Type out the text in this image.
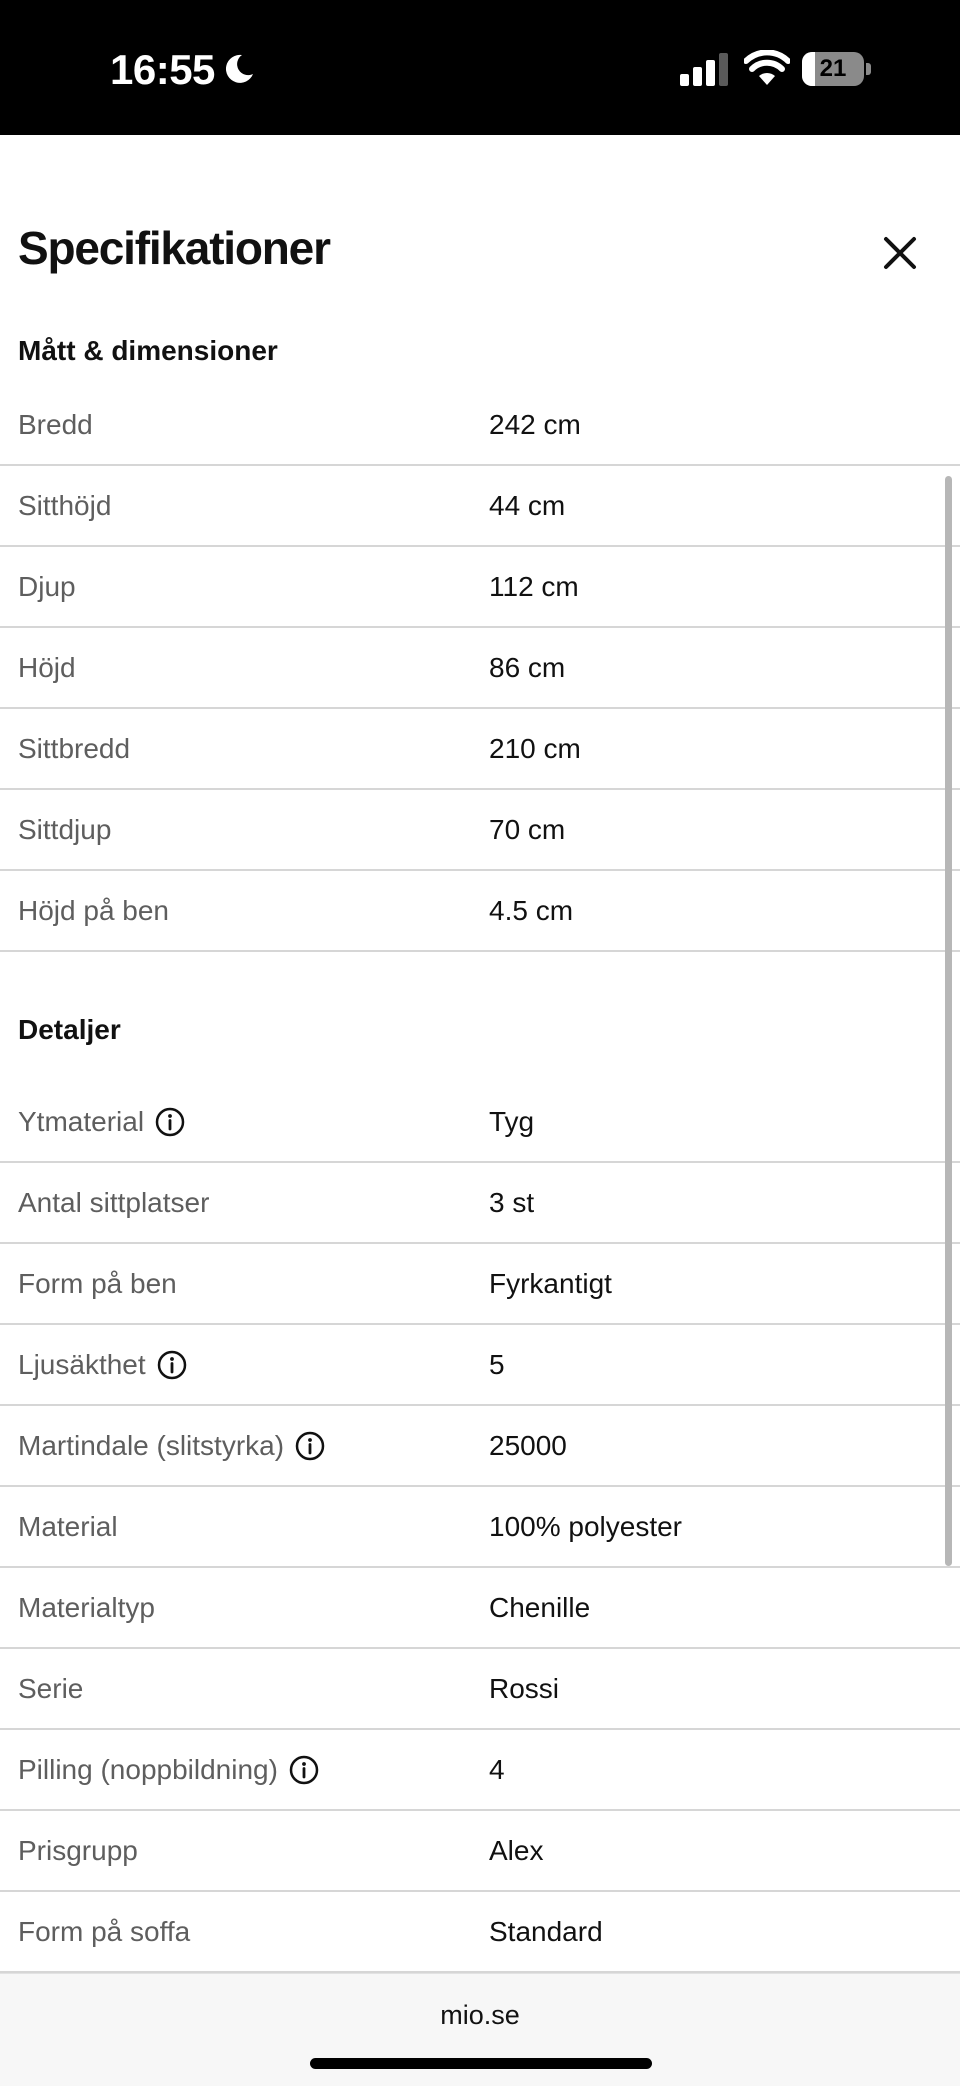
16:55	21
Specifikationer
Mått & dimensioner
Bredd	242 cm
Sitthöjd	44 cm
Djup	112 cm
Höjd	86 cm
Sittbredd	210 cm
Sittdjup	70 cm
Höjd på ben	4.5 cm
Detaljer
Ytmaterial	Tyg
Antal sittplatser	3 st
Form på ben	Fyrkantigt
Ljusäkthet	5
Martindale (slitstyrka)	25000
Material	100% polyester
Materialtyp	Chenille
Serie	Rossi
Pilling (noppbildning)	4
Prisgrupp	Alex
Form på soffa	Standard
mio.se
